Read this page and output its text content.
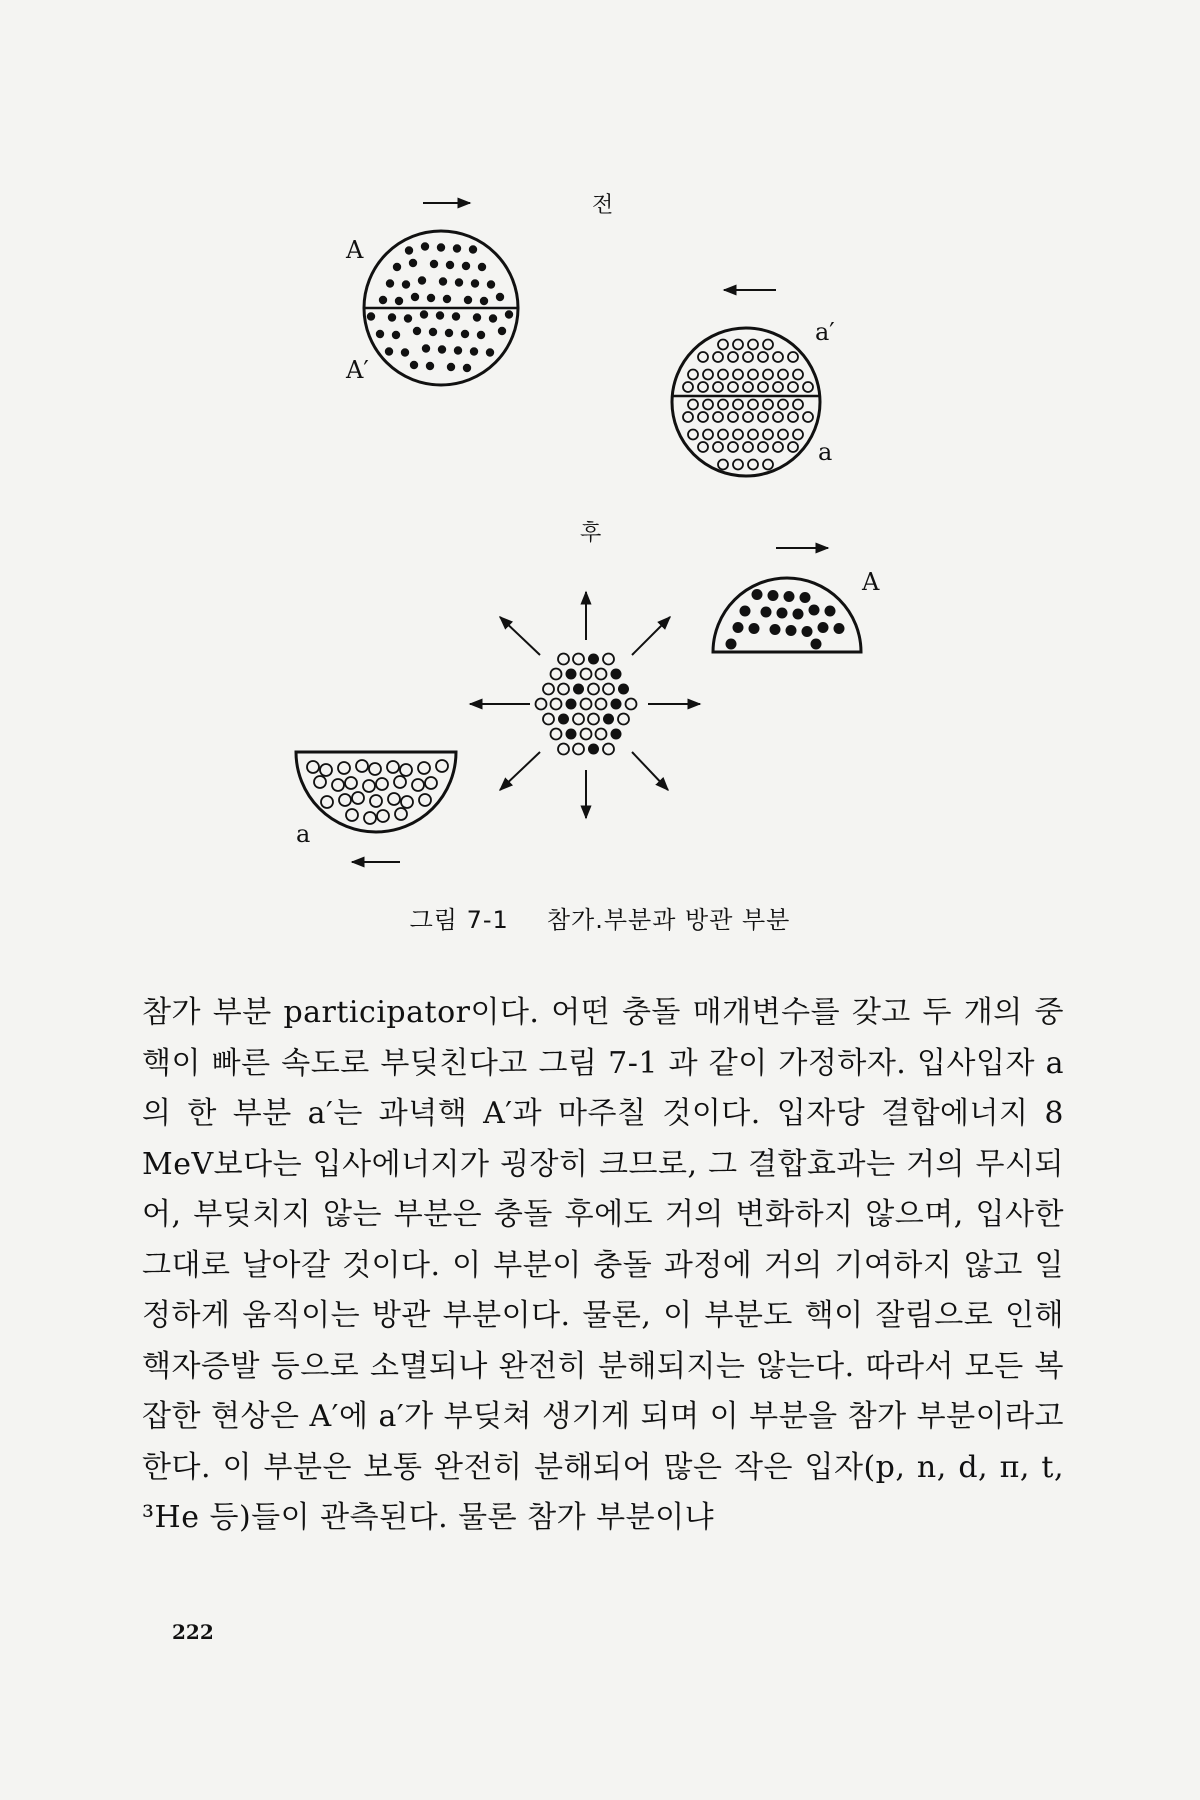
전
후
A
A′
a′
a
A
a
그림 7-1 참가.부분과 방관 부분

참가 부분 participator이다. 어떤 충돌 매개변수를 갖고 두 개의 중핵이 빠른 속도로 부딪친다고 그림 7-1 과 같이 가정하자. 입사입자 a 의 한 부분 a′는 과녁핵 A′과 마주칠 것이다. 입자당 결합에너지 8 MeV보다는 입사에너지가 굉장히 크므로, 그 결합효과는 거의 무시되어, 부딪치지 않는 부분은 충돌 후에도 거의 변화하지 않으며, 입사한 그대로 날아갈 것이다. 이 부분이 충돌 과정에 거의 기여하지 않고 일정하게 움직이는 방관 부분이다. 물론, 이 부분도 핵이 잘림으로 인해 핵자증발 등으로 소멸되나 완전히 분해되지는 않는다. 따라서 모든 복잡한 현상은 A′에 a′가 부딪쳐 생기게 되며 이 부분을 참가 부분이라고 한다. 이 부분은 보통 완전히 분해되어 많은 작은 입자(p, n, d, π, t, ³He 등)들이 관측된다. 물론 참가 부분이냐

222
